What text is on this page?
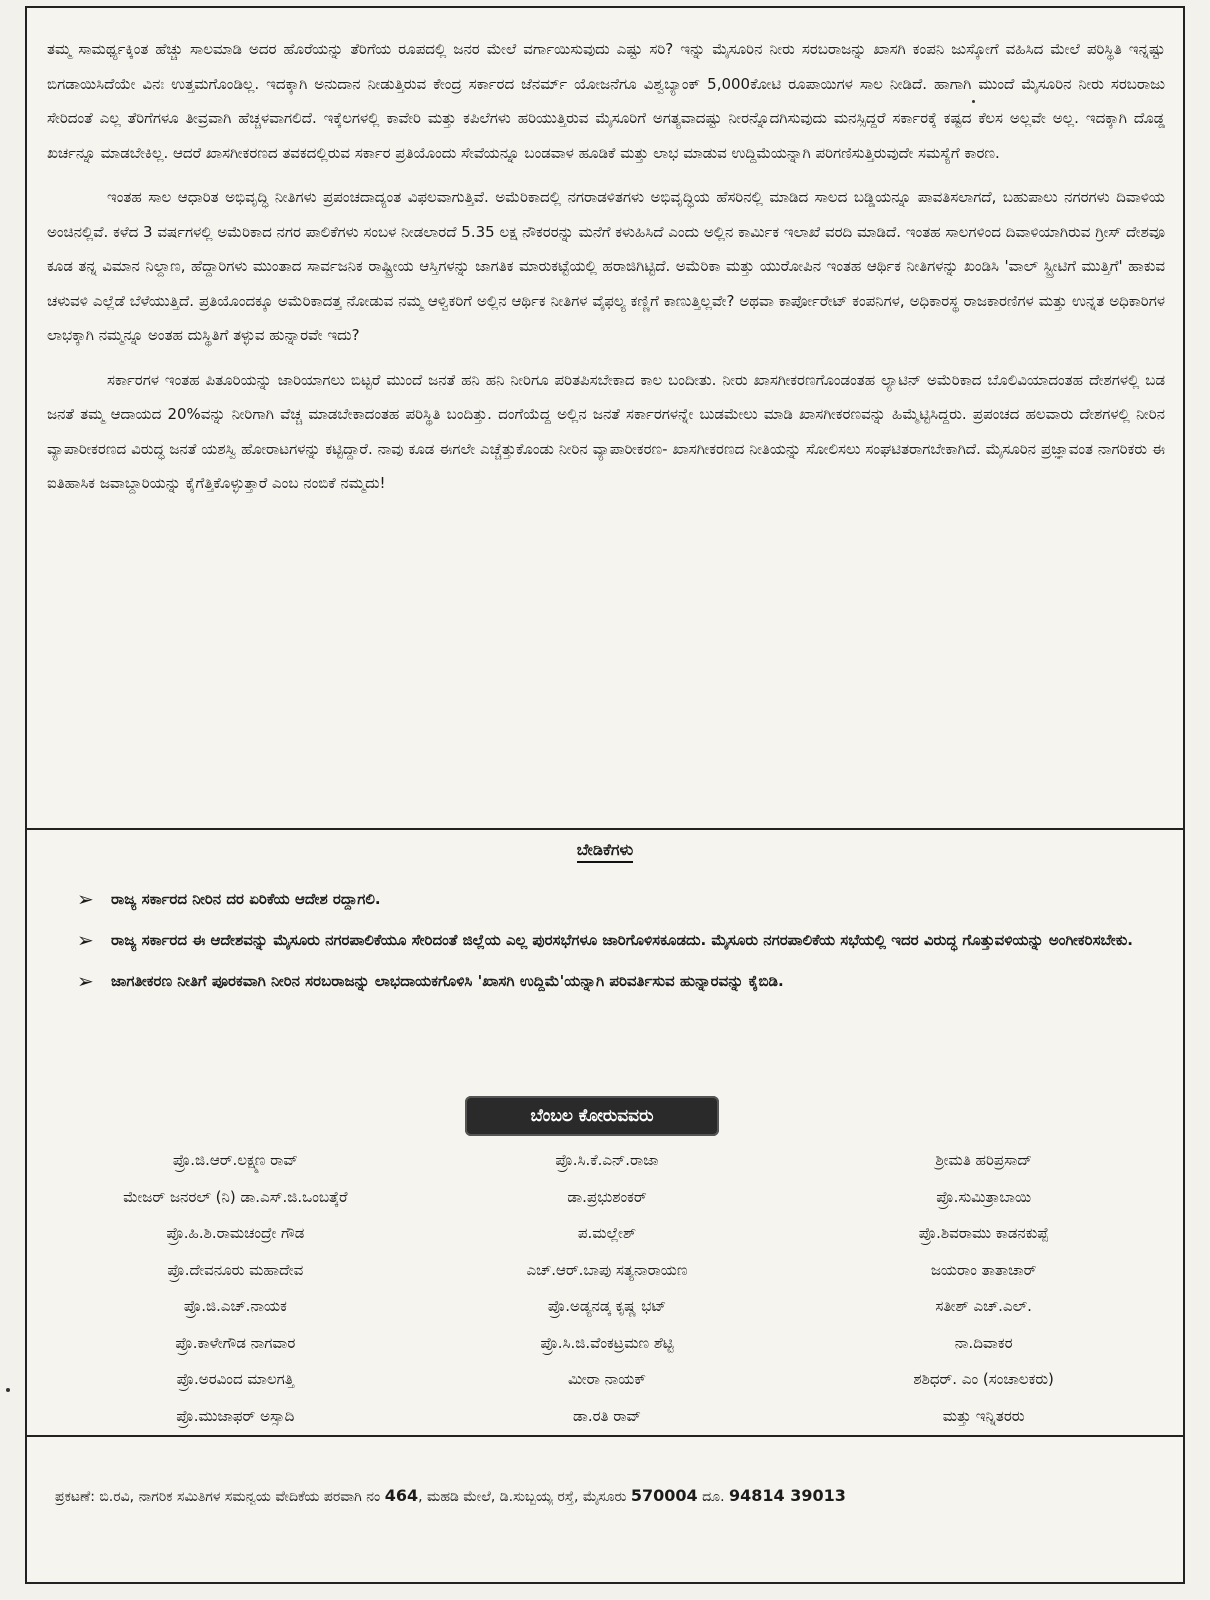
ತಮ್ಮ ಸಾಮರ್ಥ್ಯಕ್ಕಿಂತ ಹೆಚ್ಚು ಸಾಲಮಾಡಿ ಅದರ ಹೊರೆಯನ್ನು ತೆರಿಗೆಯ ರೂಪದಲ್ಲಿ ಜನರ ಮೇಲೆ ವರ್ಗಾಯಿಸುವುದು ಎಷ್ಟು ಸರಿ? ಇನ್ನು ಮೈಸೂರಿನ ನೀರು ಸರಬರಾಜನ್ನು ಖಾಸಗಿ ಕಂಪನಿ ಜುಸ್ಕೋಗೆ ವಹಿಸಿದ ಮೇಲೆ ಪರಿಸ್ಥಿತಿ ಇನ್ನಷ್ಟು ಬಿಗಡಾಯಿಸಿದೆಯೇ ವಿನಃ ಉತ್ತಮಗೊಂಡಿಲ್ಲ. ಇದಕ್ಕಾಗಿ ಅನುದಾನ ನೀಡುತ್ತಿರುವ ಕೇಂದ್ರ ಸರ್ಕಾರದ ಜೆನರ್ಮ್ ಯೋಜನೆಗೂ ವಿಶ್ವಬ್ಯಾಂಕ್ 5,000ಕೋಟಿ ರೂಪಾಯಿಗಳ ಸಾಲ ನೀಡಿದೆ. ಹಾಗಾಗಿ ಮುಂದೆ ಮೈಸೂರಿನ ನೀರು ಸರಬರಾಜು ಸೇರಿದಂತೆ ಎಲ್ಲ ತೆರಿಗೆಗಳೂ ತೀವ್ರವಾಗಿ ಹೆಚ್ಚಳವಾಗಲಿದೆ. ಇಕ್ಕೆಲಗಳಲ್ಲಿ ಕಾವೇರಿ ಮತ್ತು ಕಪಿಲೆಗಳು ಹರಿಯುತ್ತಿರುವ ಮೈಸೂರಿಗೆ ಅಗತ್ಯವಾದಷ್ಟು ನೀರನ್ನೊದಗಿಸುವುದು ಮನಸ್ಸಿದ್ದರೆ ಸರ್ಕಾರಕ್ಕೆ ಕಷ್ಟದ ಕೆಲಸ ಅಲ್ಲವೇ ಅಲ್ಲ. ಇದಕ್ಕಾಗಿ ದೊಡ್ಡ ಖರ್ಚನ್ನೂ ಮಾಡಬೇಕಿಲ್ಲ. ಆದರೆ ಖಾಸಗೀಕರಣದ ತವಕದಲ್ಲಿರುವ ಸರ್ಕಾರ ಪ್ರತಿಯೊಂದು ಸೇವೆಯನ್ನೂ ಬಂಡವಾಳ ಹೂಡಿಕೆ ಮತ್ತು ಲಾಭ ಮಾಡುವ ಉದ್ದಿಮೆಯನ್ನಾಗಿ ಪರಿಗಣಿಸುತ್ತಿರುವುದೇ ಸಮಸ್ಯೆಗೆ ಕಾರಣ.

ಇಂತಹ ಸಾಲ ಆಧಾರಿತ ಅಭಿವೃದ್ಧಿ ನೀತಿಗಳು ಪ್ರಪಂಚದಾದ್ಯಂತ ವಿಫಲವಾಗುತ್ತಿವೆ. ಅಮೆರಿಕಾದಲ್ಲಿ ನಗರಾಡಳಿತಗಳು ಅಭಿವೃದ್ಧಿಯ ಹೆಸರಿನಲ್ಲಿ ಮಾಡಿದ ಸಾಲದ ಬಡ್ಡಿಯನ್ನೂ ಪಾವತಿಸಲಾಗದೆ, ಬಹುಪಾಲು ನಗರಗಳು ದಿವಾಳಿಯ ಅಂಚಿನಲ್ಲಿವೆ. ಕಳೆದ 3 ವರ್ಷಗಳಲ್ಲಿ ಅಮೆರಿಕಾದ ನಗರ ಪಾಲಿಕೆಗಳು ಸಂಬಳ ನೀಡಲಾರದೆ 5.35 ಲಕ್ಷ ನೌಕರರನ್ನು ಮನೆಗೆ ಕಳುಹಿಸಿದೆ ಎಂದು ಅಲ್ಲಿನ ಕಾರ್ಮಿಕ ಇಲಾಖೆ ವರದಿ ಮಾಡಿದೆ. ಇಂತಹ ಸಾಲಗಳಿಂದ ದಿವಾಳಿಯಾಗಿರುವ ಗ್ರೀಸ್ ದೇಶವೂ ಕೂಡ ತನ್ನ ವಿಮಾನ ನಿಲ್ದಾಣ, ಹೆದ್ದಾರಿಗಳು ಮುಂತಾದ ಸಾರ್ವಜನಿಕ ರಾಷ್ಟ್ರೀಯ ಆಸ್ತಿಗಳನ್ನು ಜಾಗತಿಕ ಮಾರುಕಟ್ಟೆಯಲ್ಲಿ ಹರಾಜಿಗಿಟ್ಟಿದೆ. ಅಮೆರಿಕಾ ಮತ್ತು ಯುರೋಪಿನ ಇಂತಹ ಆರ್ಥಿಕ ನೀತಿಗಳನ್ನು ಖಂಡಿಸಿ 'ವಾಲ್ ಸ್ಟ್ರೀಟಿಗೆ ಮುತ್ತಿಗೆ' ಹಾಕುವ ಚಳುವಳಿ ಎಲ್ಲೆಡೆ ಬೆಳೆಯುತ್ತಿದೆ. ಪ್ರತಿಯೊಂದಕ್ಕೂ ಅಮೆರಿಕಾದತ್ತ ನೋಡುವ ನಮ್ಮ ಆಳ್ವಿಕರಿಗೆ ಅಲ್ಲಿನ ಆರ್ಥಿಕ ನೀತಿಗಳ ವೈಫಲ್ಯ ಕಣ್ಣಿಗೆ ಕಾಣುತ್ತಿಲ್ಲವೇ? ಅಥವಾ ಕಾರ್ಪೋರೇಟ್ ಕಂಪನಿಗಳ, ಅಧಿಕಾರಸ್ಥ ರಾಜಕಾರಣಿಗಳ ಮತ್ತು ಉನ್ನತ ಅಧಿಕಾರಿಗಳ ಲಾಭಕ್ಕಾಗಿ ನಮ್ಮನ್ನೂ ಅಂತಹ ದುಸ್ಥಿತಿಗೆ ತಳ್ಳುವ ಹುನ್ನಾರವೇ ಇದು?

ಸರ್ಕಾರಗಳ ಇಂತಹ ಪಿತೂರಿಯನ್ನು ಜಾರಿಯಾಗಲು ಬಿಟ್ಟರೆ ಮುಂದೆ ಜನತೆ ಹನಿ ಹನಿ ನೀರಿಗೂ ಪರಿತಪಿಸಬೇಕಾದ ಕಾಲ ಬಂದೀತು. ನೀರು ಖಾಸಗೀಕರಣಗೊಂಡಂತಹ ಲ್ಯಾಟಿನ್ ಅಮೆರಿಕಾದ ಬೊಲಿವಿಯಾದಂತಹ ದೇಶಗಳಲ್ಲಿ ಬಡ ಜನತೆ ತಮ್ಮ ಆದಾಯದ 20%ವನ್ನು ನೀರಿಗಾಗಿ ವೆಚ್ಚ ಮಾಡಬೇಕಾದಂತಹ ಪರಿಸ್ಥಿತಿ ಬಂದಿತ್ತು. ದಂಗೆಯೆದ್ದ ಅಲ್ಲಿನ ಜನತೆ ಸರ್ಕಾರಗಳನ್ನೇ ಬುಡಮೇಲು ಮಾಡಿ ಖಾಸಗೀಕರಣವನ್ನು ಹಿಮ್ಮೆಟ್ಟಿಸಿದ್ದರು. ಪ್ರಪಂಚದ ಹಲವಾರು ದೇಶಗಳಲ್ಲಿ ನೀರಿನ ವ್ಯಾಪಾರೀಕರಣದ ವಿರುದ್ಧ ಜನತೆ ಯಶಸ್ವಿ ಹೋರಾಟಗಳನ್ನು ಕಟ್ಟಿದ್ದಾರೆ. ನಾವು ಕೂಡ ಈಗಲೇ ಎಚ್ಚೆತ್ತುಕೊಂಡು ನೀರಿನ ವ್ಯಾಪಾರೀಕರಣ- ಖಾಸಗೀಕರಣದ ನೀತಿಯನ್ನು ಸೋಲಿಸಲು ಸಂಘಟಿತರಾಗಬೇಕಾಗಿದೆ. ಮೈಸೂರಿನ ಪ್ರಜ್ಞಾವಂತ ನಾಗರಿಕರು ಈ ಐತಿಹಾಸಿಕ ಜವಾಬ್ದಾರಿಯನ್ನು ಕೈಗೆತ್ತಿಕೊಳ್ಳುತ್ತಾರೆ ಎಂಬ ನಂಬಿಕೆ ನಮ್ಮದು!

ಬೇಡಿಕೆಗಳು
➢ ರಾಜ್ಯ ಸರ್ಕಾರದ ನೀರಿನ ದರ ಏರಿಕೆಯ ಆದೇಶ ರದ್ದಾಗಲಿ.
➢ ರಾಜ್ಯ ಸರ್ಕಾರದ ಈ ಆದೇಶವನ್ನು ಮೈಸೂರು ನಗರಪಾಲಿಕೆಯೂ ಸೇರಿದಂತೆ ಜಿಲ್ಲೆಯ ಎಲ್ಲ ಪುರಸಭೆಗಳೂ ಜಾರಿಗೊಳಿಸಕೂಡದು. ಮೈಸೂರು ನಗರಪಾಲಿಕೆಯ ಸಭೆಯಲ್ಲಿ ಇದರ ವಿರುದ್ಧ ಗೊತ್ತುವಳಿಯನ್ನು ಅಂಗೀಕರಿಸಬೇಕು.
➢ ಜಾಗತೀಕರಣ ನೀತಿಗೆ ಪೂರಕವಾಗಿ ನೀರಿನ ಸರಬರಾಜನ್ನು ಲಾಭದಾಯಕಗೊಳಿಸಿ 'ಖಾಸಗಿ ಉದ್ದಿಮೆ'ಯನ್ನಾಗಿ ಪರಿವರ್ತಿಸುವ ಹುನ್ನಾರವನ್ನು ಕೈಬಿಡಿ.
ಬೆಂಬಲ ಕೋರುವವರು
ಪ್ರೊ.ಜಿ.ಆರ್.ಲಕ್ಷ್ಮಣ ರಾವ್	ಪ್ರೊ.ಸಿ.ಕೆ.ಎನ್.ರಾಜಾ	ಶ್ರೀಮತಿ ಹರಿಪ್ರಸಾದ್
ಮೇಜರ್ ಜನರಲ್ (ನಿ) ಡಾ.ಎಸ್.ಜಿ.ಒಂಬತ್ಕೆರೆ	ಡಾ.ಪ್ರಭುಶಂಕರ್	ಪ್ರೊ.ಸುಮಿತ್ರಾಬಾಯಿ
ಪ್ರೊ.ಹಿ.ಶಿ.ರಾಮಚಂದ್ರೇ ಗೌಡ	ಪ.ಮಲ್ಲೇಶ್	ಪ್ರೊ.ಶಿವರಾಮು ಕಾಡನಕುಪ್ಪೆ
ಪ್ರೊ.ದೇವನೂರು ಮಹಾದೇವ	ಎಚ್.ಆರ್.ಬಾಪು ಸತ್ಯನಾರಾಯಣ	ಜಯರಾಂ ತಾತಾಚಾರ್
ಪ್ರೊ.ಜಿ.ಎಚ್.ನಾಯಕ	ಪ್ರೊ.ಅಡ್ಯನಡ್ಕ ಕೃಷ್ಣ ಭಟ್	ಸತೀಶ್ ಎಚ್.ಎಲ್.
ಪ್ರೊ.ಕಾಳೇಗೌಡ ನಾಗವಾರ	ಪ್ರೊ.ಸಿ.ಜಿ.ವೆಂಕಟ್ರಮಣ ಶೆಟ್ಟಿ	ನಾ.ದಿವಾಕರ
ಪ್ರೊ.ಅರವಿಂದ ಮಾಲಗತ್ತಿ	ಮೀರಾ ನಾಯಕ್	ಶಶಿಧರ್. ಎಂ (ಸಂಚಾಲಕರು)
ಪ್ರೊ.ಮುಜಾಫರ್ ಅಸ್ಸಾದಿ	ಡಾ.ರತಿ ರಾವ್	ಮತ್ತು ಇನ್ನಿತರರು
ಪ್ರಕಟಣೆ: ಬಿ.ರವಿ, ನಾಗರಿಕ ಸಮಿತಿಗಳ ಸಮನ್ವಯ ವೇದಿಕೆಯ ಪರವಾಗಿ ನಂ 464, ಮಹಡಿ ಮೇಲೆ, ಡಿ.ಸುಬ್ಬಯ್ಯ ರಸ್ತೆ, ಮೈಸೂರು 570004 ದೂ. 94814 39013
